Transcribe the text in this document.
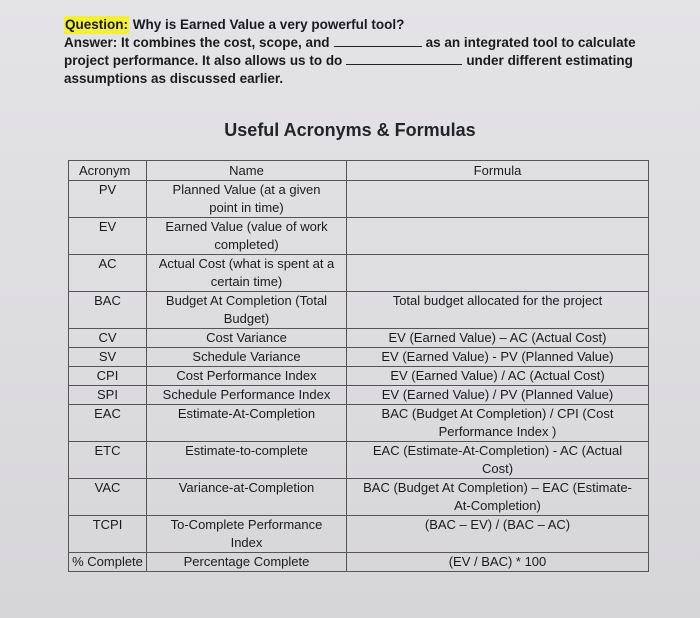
Question: Why is Earned Value a very powerful tool?
Answer: It combines the cost, scope, and	as an integrated tool to calculate
project performance. It also allows us to do	under different estimating
assumptions as discussed earlier.
Useful Acronyms & Formulas
Acronym	Name	Formula
PV	Planned Value (at a given point in time)	
EV	Earned Value (value of work completed)	
AC	Actual Cost (what is spent at a certain time)	
BAC	Budget At Completion (Total Budget)	Total budget allocated for the project
CV	Cost Variance	EV (Earned Value) – AC (Actual Cost)
SV	Schedule Variance	EV (Earned Value) - PV (Planned Value)
CPI	Cost Performance Index	EV (Earned Value) / AC (Actual Cost)
SPI	Schedule Performance Index	EV (Earned Value) / PV (Planned Value)
EAC	Estimate-At-Completion	BAC (Budget At Completion) / CPI (Cost Performance Index )
ETC	Estimate-to-complete	EAC (Estimate-At-Completion) - AC (Actual Cost)
VAC	Variance-at-Completion	BAC (Budget At Completion) – EAC (Estimate-At-Completion)
TCPI	To-Complete Performance Index	(BAC – EV) / (BAC – AC)
% Complete	Percentage Complete	(EV / BAC) * 100
